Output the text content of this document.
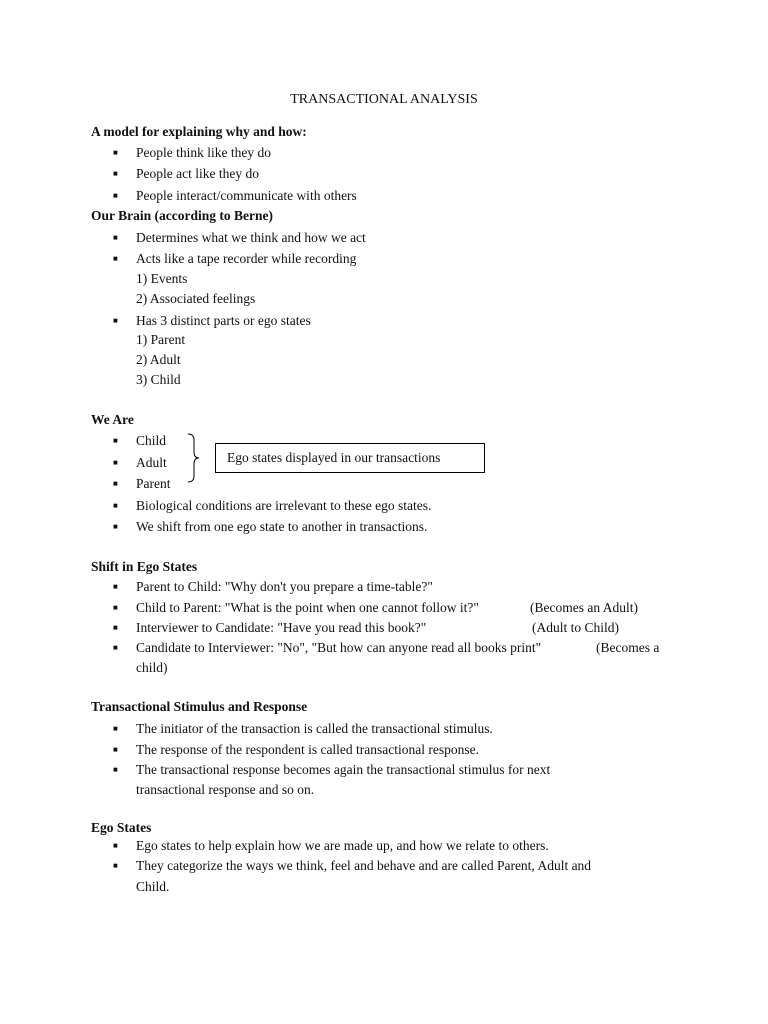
TRANSACTIONAL ANALYSIS
A model for explaining why and how:
■ People think like they do
■ People act like they do
■ People interact/communicate with others
Our Brain (according to Berne)
■ Determines what we think and how we act
■ Acts like a tape recorder while recording
1) Events
2) Associated feelings
■ Has 3 distinct parts or ego states
1) Parent
2) Adult
3) Child
We Are
■ Child
■ Adult
■ Parent
■ Biological conditions are irrelevant to these ego states.
■ We shift from one ego state to another in transactions.
Ego states displayed in our transactions
Shift in Ego States
■ Parent to Child: "Why don't you prepare a time-table?"
■ Child to Parent: "What is the point when one cannot follow it?"	(Becomes an Adult)
■ Interviewer to Candidate: "Have you read this book?"	(Adult to Child)
■ Candidate to Interviewer: "No", "But how can anyone read all books print"	(Becomes a
child)
Transactional Stimulus and Response
■ The initiator of the transaction is called the transactional stimulus.
■ The response of the respondent is called transactional response.
■ The transactional response becomes again the transactional stimulus for next
transactional response and so on.
Ego States
■ Ego states to help explain how we are made up, and how we relate to others.
■ They categorize the ways we think, feel and behave and are called Parent, Adult and
Child.
